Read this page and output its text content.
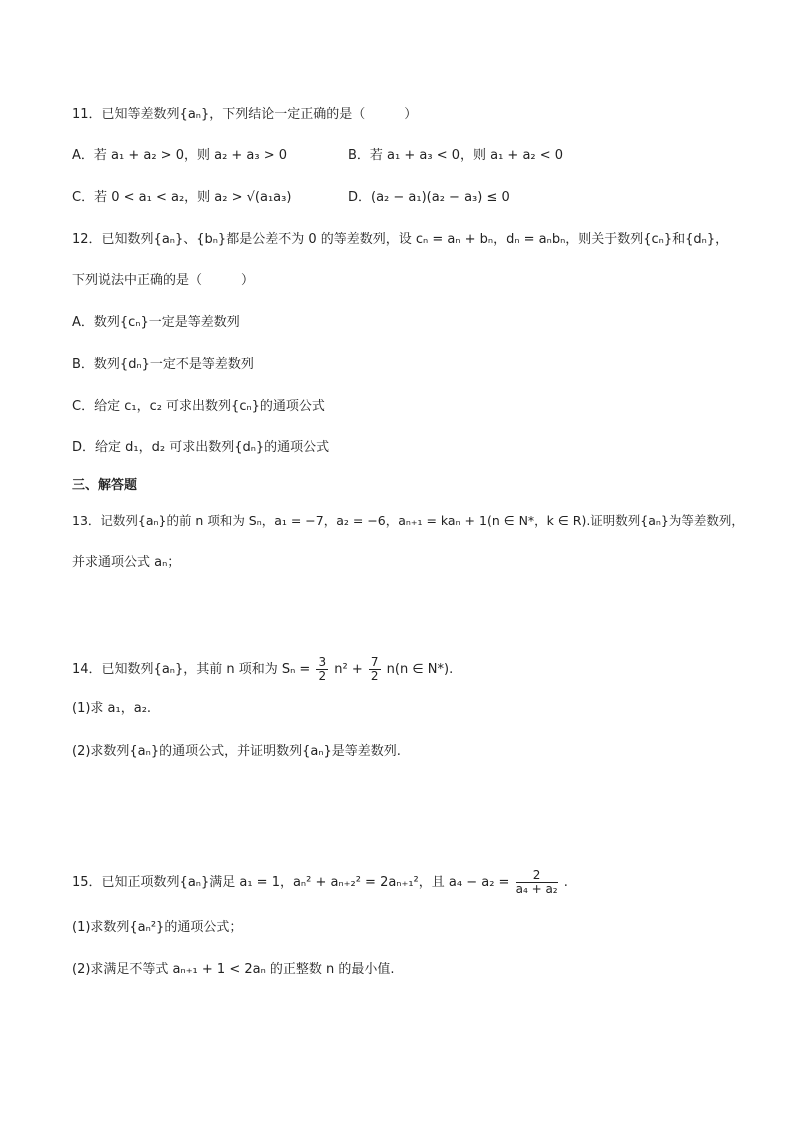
11．已知等差数列{aₙ}，下列结论一定正确的是（　　　）
A．若 a₁ + a₂ > 0，则 a₂ + a₃ > 0	B．若 a₁ + a₃ < 0，则 a₁ + a₂ < 0
C．若 0 < a₁ < a₂，则 a₂ > √(a₁a₃)	D．(a₂ − a₁)(a₂ − a₃) ≤ 0
12．已知数列{aₙ}、{bₙ}都是公差不为 0 的等差数列，设 cₙ = aₙ + bₙ，dₙ = aₙbₙ，则关于数列{cₙ}和{dₙ}，
下列说法中正确的是（　　　）
A．数列{cₙ}一定是等差数列
B．数列{dₙ}一定不是等差数列
C．给定 c₁，c₂ 可求出数列{cₙ}的通项公式
D．给定 d₁，d₂ 可求出数列{dₙ}的通项公式
三、解答题
13．记数列{aₙ}的前 n 项和为 Sₙ，a₁ = −7，a₂ = −6，aₙ₊₁ = kaₙ + 1(n ∈ N*，k ∈ R).证明数列{aₙ}为等差数列，
并求通项公式 aₙ；
14．已知数列{aₙ}，其前 n 项和为 $S_n = \frac{3}{2} n^2 + \frac{7}{2} n(n$ ∈ N*).
(1)求 a₁，a₂.
(2)求数列{aₙ}的通项公式，并证明数列{aₙ}是等差数列.
15．已知正项数列{aₙ}满足 a₁ = 1，aₙ² + aₙ₊₂² = 2aₙ₊₁²，且 $a_4 - a_2 = \frac{2}{\text{a₄ + a₂}}$ .
(1)求数列{aₙ²}的通项公式；
(2)求满足不等式 aₙ₊₁ + 1 < 2aₙ 的正整数 n 的最小值.
